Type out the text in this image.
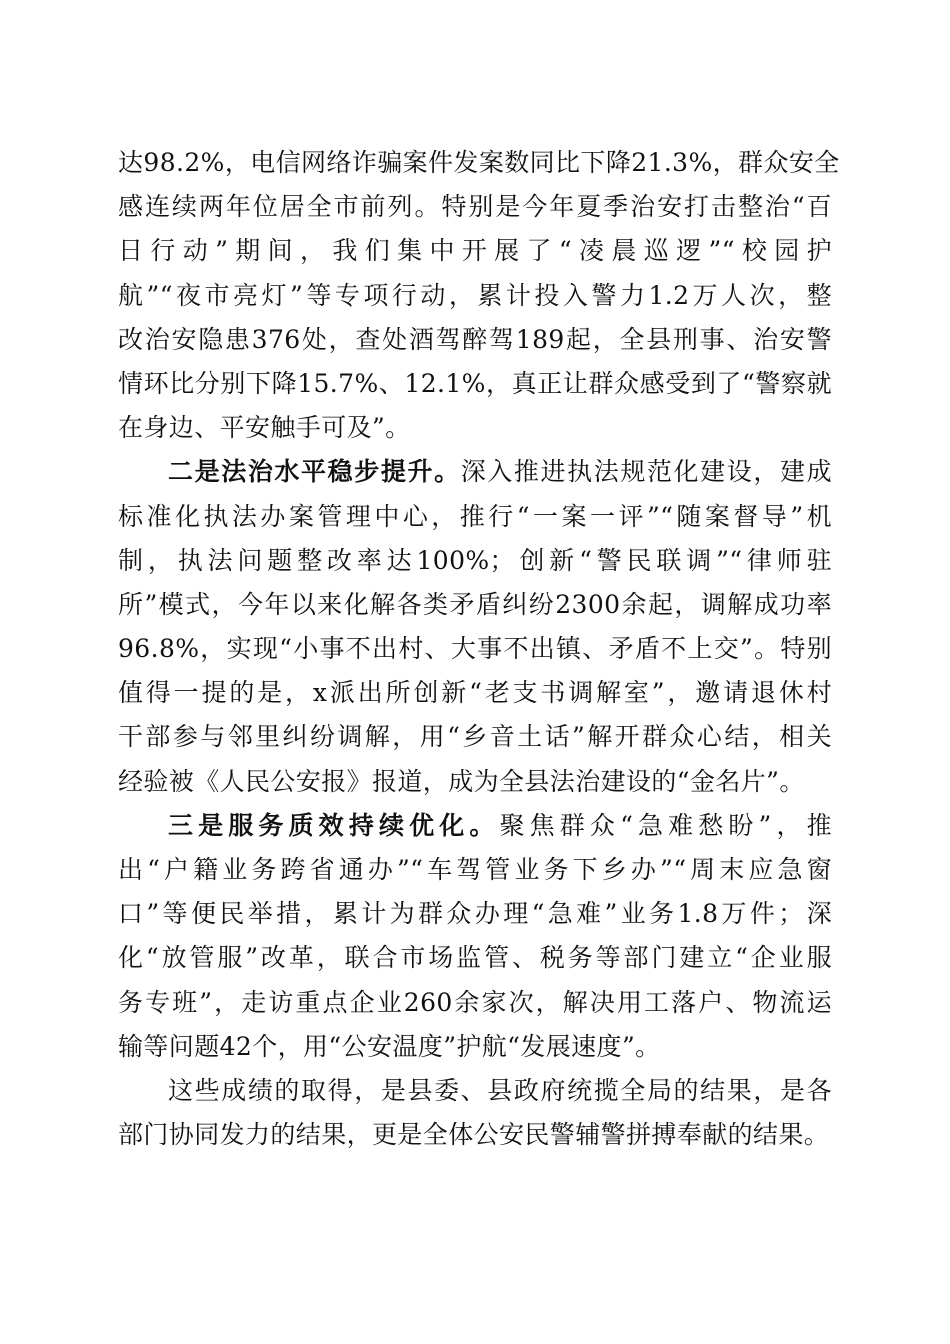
达98.2%，电信网络诈骗案件发案数同比下降21.3%，群众安全
感连续两年位居全市前列。特别是今年夏季治安打击整治“百
日行动”期间，我们集中开展了“凌晨巡逻”“校园护
航”“夜市亮灯”等专项行动，累计投入警力1.2万人次，整
改治安隐患376处，查处酒驾醉驾189起，全县刑事、治安警
情环比分别下降15.7%、12.1%，真正让群众感受到了“警察就
在身边、平安触手可及”。
二是法治水平稳步提升。深入推进执法规范化建设，建成
标准化执法办案管理中心，推行“一案一评”“随案督导”机
制，执法问题整改率达100%；创新“警民联调”“律师驻
所”模式，今年以来化解各类矛盾纠纷2300余起，调解成功率
96.8%，实现“小事不出村、大事不出镇、矛盾不上交”。特别
值得一提的是，x派出所创新“老支书调解室”，邀请退休村
干部参与邻里纠纷调解，用“乡音土话”解开群众心结，相关
经验被《人民公安报》报道，成为全县法治建设的“金名片”。
三是服务质效持续优化。聚焦群众“急难愁盼”，推
出“户籍业务跨省通办”“车驾管业务下乡办”“周末应急窗
口”等便民举措，累计为群众办理“急难”业务1.8万件；深
化“放管服”改革，联合市场监管、税务等部门建立“企业服
务专班”，走访重点企业260余家次，解决用工落户、物流运
输等问题42个，用“公安温度”护航“发展速度”。
这些成绩的取得，是县委、县政府统揽全局的结果，是各
部门协同发力的结果，更是全体公安民警辅警拼搏奉献的结果。
